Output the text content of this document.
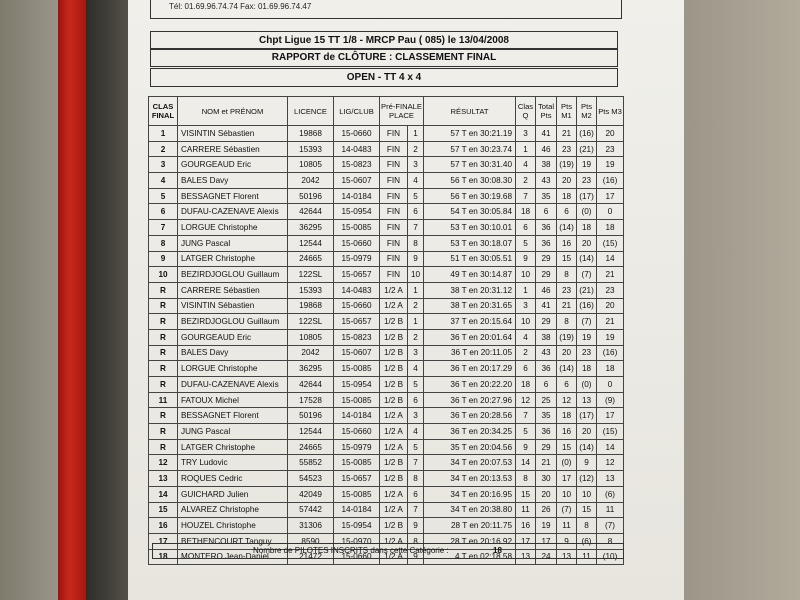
Tél: 01.69.96.74.74 Fax: 01.69.96.74.47
Chpt Ligue 15 TT 1/8 - MRCP Pau ( 085) le 13/04/2008
RAPPORT de CLÔTURE : CLASSEMENT FINAL
OPEN - TT 4 x 4
CLAS FINAL	NOM et PRÉNOM	LICENCE	LIG/CLUB	Pré-FINALE PLACE		RÉSULTAT	Clas Q	Total Pts	Pts M1	Pts M2	Pts M3
1	VISINTIN Sébastien	19868	15-0660	FIN	1	57 T en 30:21.19	3	41	21	(16)	20
2	CARRERE Sébastien	15393	14-0483	FIN	2	57 T en 30:23.74	1	46	23	(21)	23
3	GOURGEAUD Eric	10805	15-0823	FIN	3	57 T en 30:31.40	4	38	(19)	19	19
4	BALES Davy	2042	15-0607	FIN	4	56 T en 30:08.30	2	43	20	23	(16)
5	BESSAGNET Florent	50196	14-0184	FIN	5	56 T en 30:19.68	7	35	18	(17)	17
6	DUFAU-CAZENAVE Alexis	42644	15-0954	FIN	6	54 T en 30:05.84	18	6	6	(0)	0
7	LORGUE Christophe	36295	15-0085	FIN	7	53 T en 30:10.01	6	36	(14)	18	18
8	JUNG Pascal	12544	15-0660	FIN	8	53 T en 30:18.07	5	36	16	20	(15)
9	LATGER Christophe	24665	15-0979	FIN	9	51 T en 30:05.51	9	29	15	(14)	14
10	BEZIRDJOGLOU Guillaum	122SL	15-0657	FIN	10	49 T en 30:14.87	10	29	8	(7)	21
R	CARRERE Sébastien	15393	14-0483	1/2 A	1	38 T en 20:31.12	1	46	23	(21)	23
R	VISINTIN Sébastien	19868	15-0660	1/2 A	2	38 T en 20:31.65	3	41	21	(16)	20
R	BEZIRDJOGLOU Guillaum	122SL	15-0657	1/2 B	1	37 T en 20:15.64	10	29	8	(7)	21
R	GOURGEAUD Eric	10805	15-0823	1/2 B	2	36 T en 20:01.64	4	38	(19)	19	19
R	BALES Davy	2042	15-0607	1/2 B	3	36 T en 20:11.05	2	43	20	23	(16)
R	LORGUE Christophe	36295	15-0085	1/2 B	4	36 T en 20:17.29	6	36	(14)	18	18
R	DUFAU-CAZENAVE Alexis	42644	15-0954	1/2 B	5	36 T en 20:22.20	18	6	6	(0)	0
11	FATOUX Michel	17528	15-0085	1/2 B	6	36 T en 20:27.96	12	25	12	13	(9)
R	BESSAGNET Florent	50196	14-0184	1/2 A	3	36 T en 20:28.56	7	35	18	(17)	17
R	JUNG Pascal	12544	15-0660	1/2 A	4	36 T en 20:34.25	5	36	16	20	(15)
R	LATGER Christophe	24665	15-0979	1/2 A	5	35 T en 20:04.56	9	29	15	(14)	14
12	TRY Ludovic	55852	15-0085	1/2 B	7	34 T en 20:07.53	14	21	(0)	9	12
13	ROQUES Cedric	54523	15-0657	1/2 B	8	34 T en 20:13.53	8	30	17	(12)	13
14	GUICHARD Julien	42049	15-0085	1/2 A	6	34 T en 20:16.95	15	20	10	10	(6)
15	ALVAREZ Christophe	57442	14-0184	1/2 A	7	34 T en 20:38.80	11	26	(7)	15	11
16	HOUZEL Christophe	31306	15-0954	1/2 B	9	28 T en 20:11.75	16	19	11	8	(7)
17	BETHENCOURT Tanguy	8590	15-0970	1/2 A	8	28 T en 20:16.92	17	17	9	(6)	8
18	MONTERO Jean-Daniel	21472	15-0660	1/2 A	9	4 T en 02:18.58	13	24	13	11	(10)
Nombre de PILOTES INSCRITS dans cette Catégorie :	18
